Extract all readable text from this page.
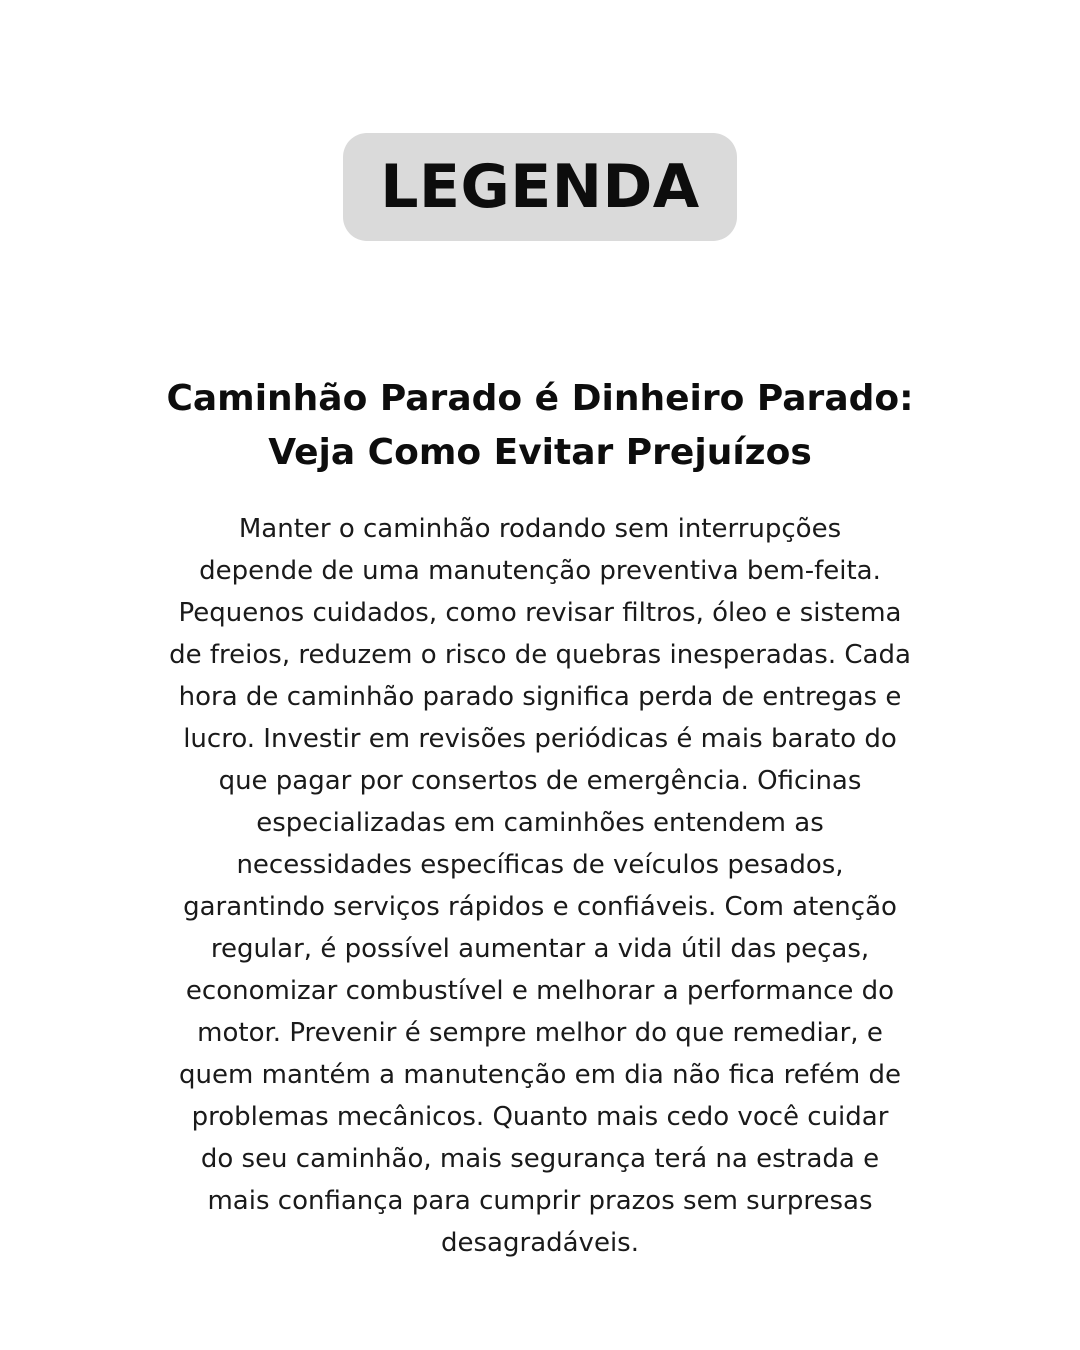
LEGENDA
Caminhão Parado é Dinheiro Parado:
Veja Como Evitar Prejuízos
Manter o caminhão rodando sem interrupções
depende de uma manutenção preventiva bem-feita.
Pequenos cuidados, como revisar filtros, óleo e sistema
de freios, reduzem o risco de quebras inesperadas. Cada
hora de caminhão parado significa perda de entregas e
lucro. Investir em revisões periódicas é mais barato do
que pagar por consertos de emergência. Oficinas
especializadas em caminhões entendem as
necessidades específicas de veículos pesados,
garantindo serviços rápidos e confiáveis. Com atenção
regular, é possível aumentar a vida útil das peças,
economizar combustível e melhorar a performance do
motor. Prevenir é sempre melhor do que remediar, e
quem mantém a manutenção em dia não fica refém de
problemas mecânicos. Quanto mais cedo você cuidar
do seu caminhão, mais segurança terá na estrada e
mais confiança para cumprir prazos sem surpresas
desagradáveis.
